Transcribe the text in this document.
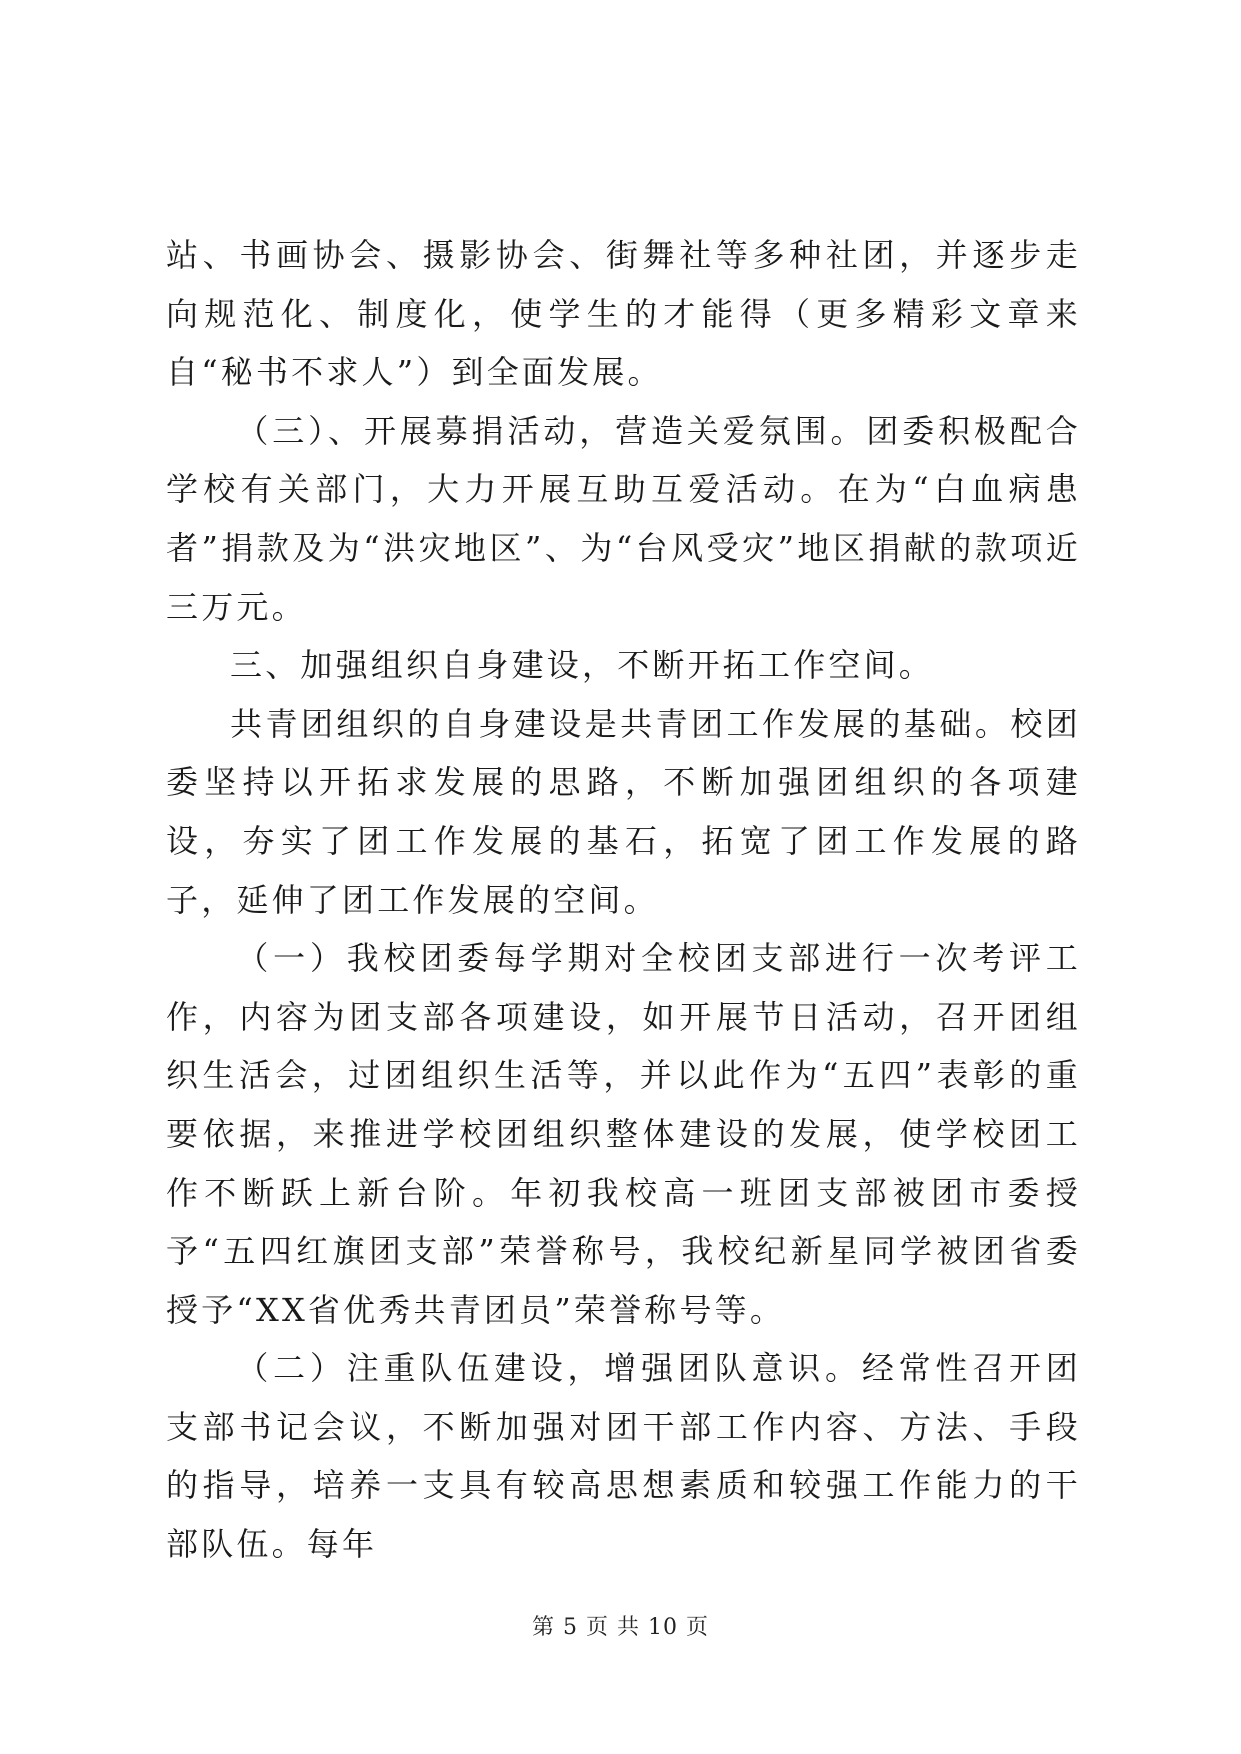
站、书画协会、摄影协会、街舞社等多种社团，并逐步走向规范化、制度化，使学生的才能得（更多精彩文章来自“秘书不求人”）到全面发展。

（三）、开展募捐活动，营造关爱氛围。团委积极配合学校有关部门，大力开展互助互爱活动。在为“白血病患者”捐款及为“洪灾地区”、为“台风受灾”地区捐献的款项近三万元。

三、加强组织自身建设，不断开拓工作空间。

共青团组织的自身建设是共青团工作发展的基础。校团委坚持以开拓求发展的思路，不断加强团组织的各项建设，夯实了团工作发展的基石，拓宽了团工作发展的路子，延伸了团工作发展的空间。

（一）我校团委每学期对全校团支部进行一次考评工作，内容为团支部各项建设，如开展节日活动，召开团组织生活会，过团组织生活等，并以此作为“五四”表彰的重要依据，来推进学校团组织整体建设的发展，使学校团工作不断跃上新台阶。年初我校高一班团支部被团市委授予“五四红旗团支部”荣誉称号，我校纪新星同学被团省委授予“XX省优秀共青团员”荣誉称号等。

（二）注重队伍建设，增强团队意识。经常性召开团支部书记会议，不断加强对团干部工作内容、方法、手段的指导，培养一支具有较高思想素质和较强工作能力的干部队伍。每年

第 5 页 共 10 页
